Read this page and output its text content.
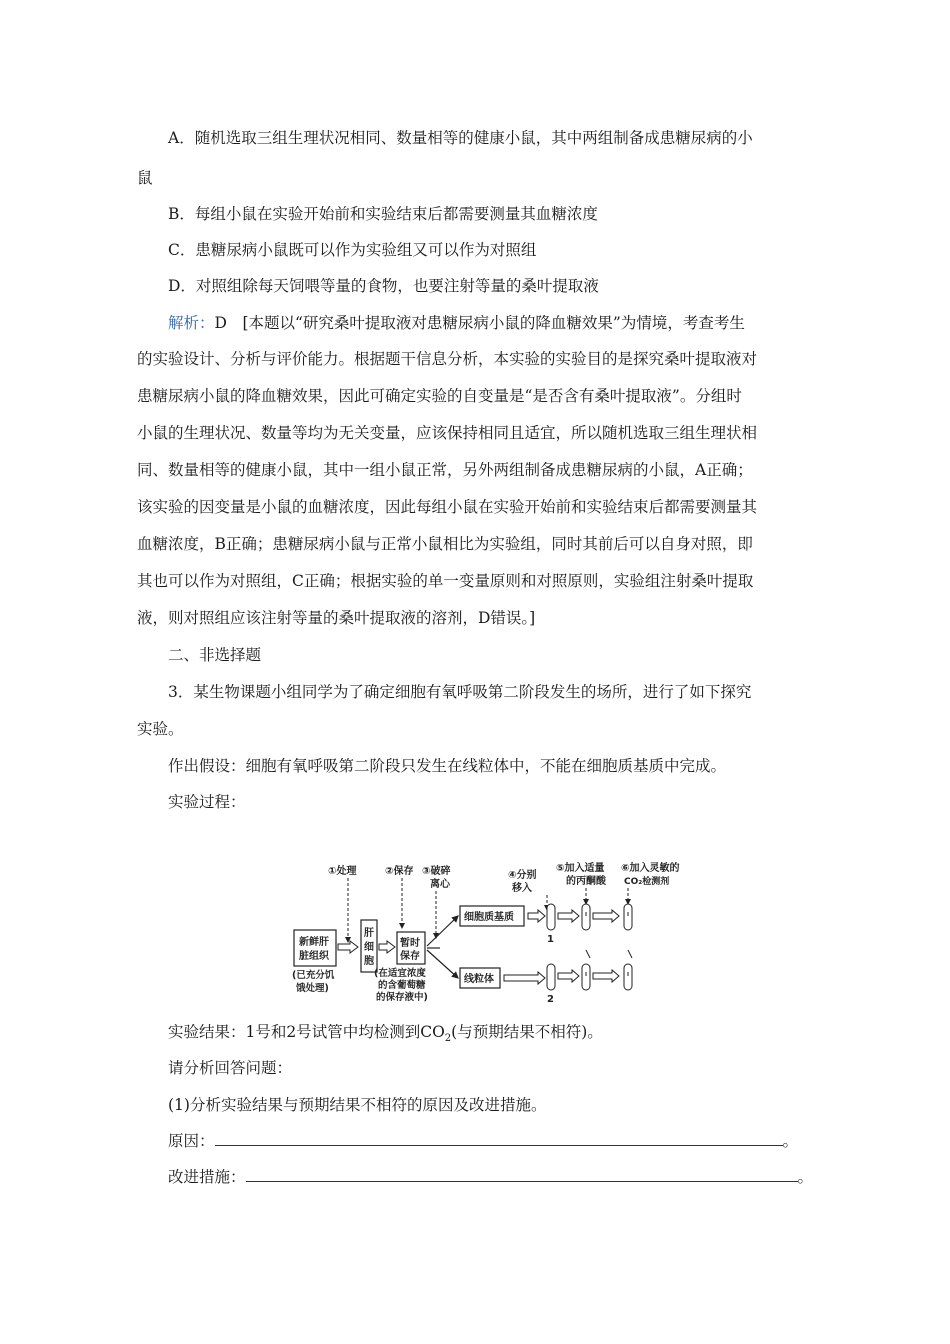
A．随机选取三组生理状况相同、数量相等的健康小鼠，其中两组制备成患糖尿病的小
鼠
B．每组小鼠在实验开始前和实验结束后都需要测量其血糖浓度
C．患糖尿病小鼠既可以作为实验组又可以作为对照组
D．对照组除每天饲喂等量的食物，也要注射等量的桑叶提取液
解析：D　[本题以“研究桑叶提取液对患糖尿病小鼠的降血糖效果”为情境，考查考生
的实验设计、分析与评价能力。根据题干信息分析，本实验的实验目的是探究桑叶提取液对
患糖尿病小鼠的降血糖效果，因此可确定实验的自变量是“是否含有桑叶提取液”。分组时
小鼠的生理状况、数量等均为无关变量，应该保持相同且适宜，所以随机选取三组生理状相
同、数量相等的健康小鼠，其中一组小鼠正常，另外两组制备成患糖尿病的小鼠，A正确；
该实验的因变量是小鼠的血糖浓度，因此每组小鼠在实验开始前和实验结束后都需要测量其
血糖浓度，B正确；患糖尿病小鼠与正常小鼠相比为实验组，同时其前后可以自身对照，即
其也可以作为对照组，C正确；根据实验的单一变量原则和对照原则，实验组注射桑叶提取
液，则对照组应该注射等量的桑叶提取液的溶剂，D错误。]
二、非选择题
3．某生物课题小组同学为了确定细胞有氧呼吸第二阶段发生的场所，进行了如下探究
实验。
作出假设：细胞有氧呼吸第二阶段只发生在线粒体中，不能在细胞质基质中完成。
实验过程：
①处理	②保存 ③破碎
离心
④分别
移入
⑤加入适量
的丙酮酸
⑥加入灵敏的
CO₂检测剂
新鲜肝
脏组织
(已充分饥
饿处理)
肝
细
胞
暂时
保存
(在适宜浓度
的含葡萄糖
的保存液中)
细胞质基质
线粒体
1
2
实验结果：1号和2号试管中均检测到$CO_2$(与预期结果不相符)。
请分析回答问题：
(1)分析实验结果与预期结果不相符的原因及改进措施。
原因：	。
改进措施：	。
